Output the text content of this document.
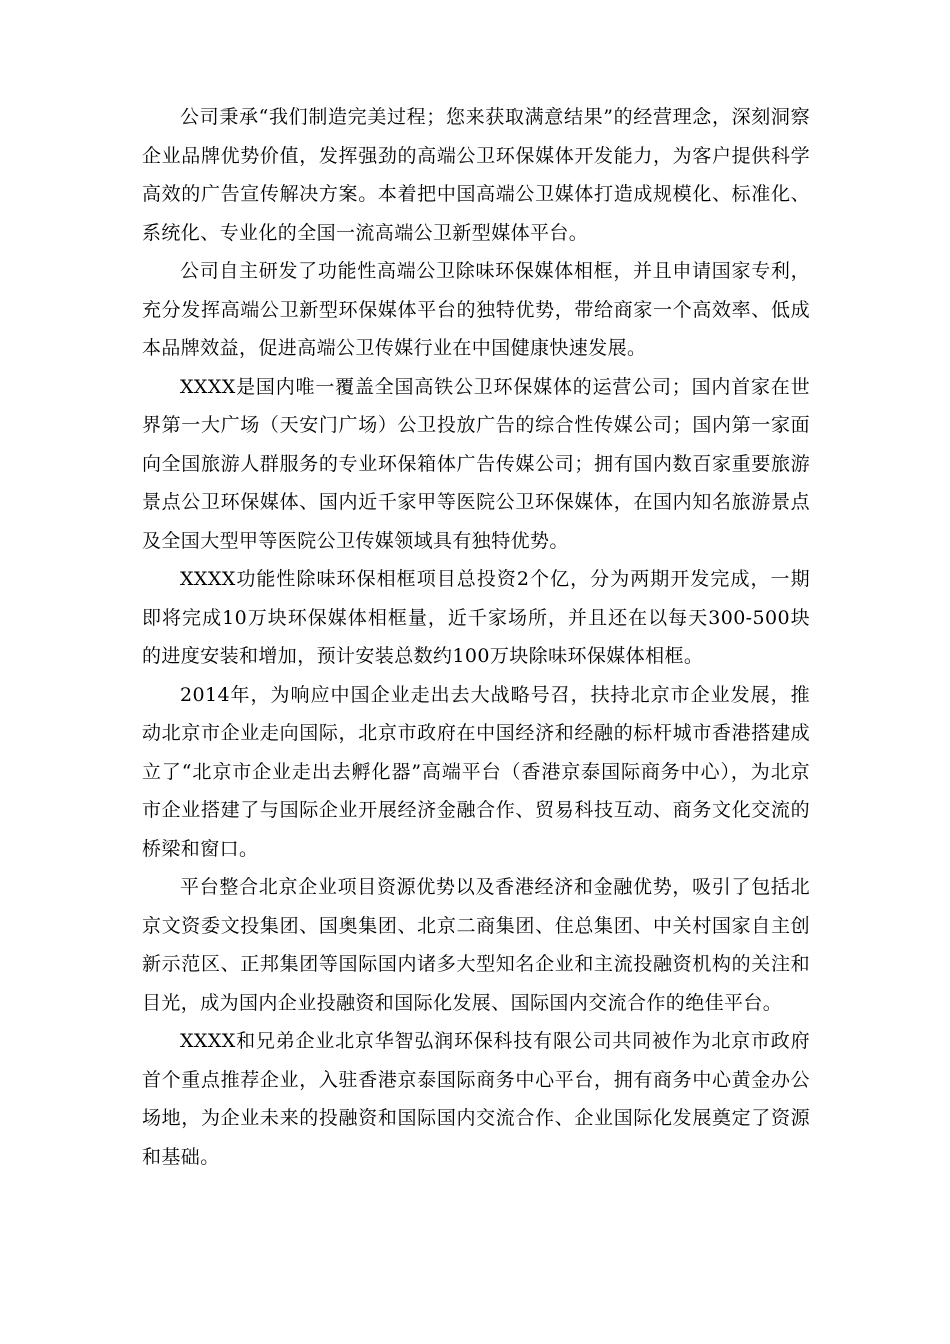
公司秉承“我们制造完美过程；您来获取满意结果”的经营理念，深刻洞察企业品牌优势价值，发挥强劲的高端公卫环保媒体开发能力，为客户提供科学高效的广告宣传解决方案。本着把中国高端公卫媒体打造成规模化、标准化、系统化、专业化的全国一流高端公卫新型媒体平台。

公司自主研发了功能性高端公卫除味环保媒体相框，并且申请国家专利，充分发挥高端公卫新型环保媒体平台的独特优势，带给商家一个高效率、低成本品牌效益，促进高端公卫传媒行业在中国健康快速发展。

XXXX是国内唯一覆盖全国高铁公卫环保媒体的运营公司；国内首家在世界第一大广场（天安门广场）公卫投放广告的综合性传媒公司；国内第一家面向全国旅游人群服务的专业环保箱体广告传媒公司；拥有国内数百家重要旅游景点公卫环保媒体、国内近千家甲等医院公卫环保媒体，在国内知名旅游景点及全国大型甲等医院公卫传媒领域具有独特优势。

XXXX功能性除味环保相框项目总投资2个亿，分为两期开发完成，一期即将完成10万块环保媒体相框量，近千家场所，并且还在以每天300-500块的进度安装和增加，预计安装总数约100万块除味环保媒体相框。

2014年，为响应中国企业走出去大战略号召，扶持北京市企业发展，推动北京市企业走向国际，北京市政府在中国经济和经融的标杆城市香港搭建成立了“北京市企业走出去孵化器”高端平台（香港京泰国际商务中心），为北京市企业搭建了与国际企业开展经济金融合作、贸易科技互动、商务文化交流的桥梁和窗口。

平台整合北京企业项目资源优势以及香港经济和金融优势，吸引了包括北京文资委文投集团、国奥集团、北京二商集团、住总集团、中关村国家自主创新示范区、正邦集团等国际国内诸多大型知名企业和主流投融资机构的关注和目光，成为国内企业投融资和国际化发展、国际国内交流合作的绝佳平台。

XXXX和兄弟企业北京华智弘润环保科技有限公司共同被作为北京市政府首个重点推荐企业，入驻香港京泰国际商务中心平台，拥有商务中心黄金办公场地，为企业未来的投融资和国际国内交流合作、企业国际化发展奠定了资源和基础。
